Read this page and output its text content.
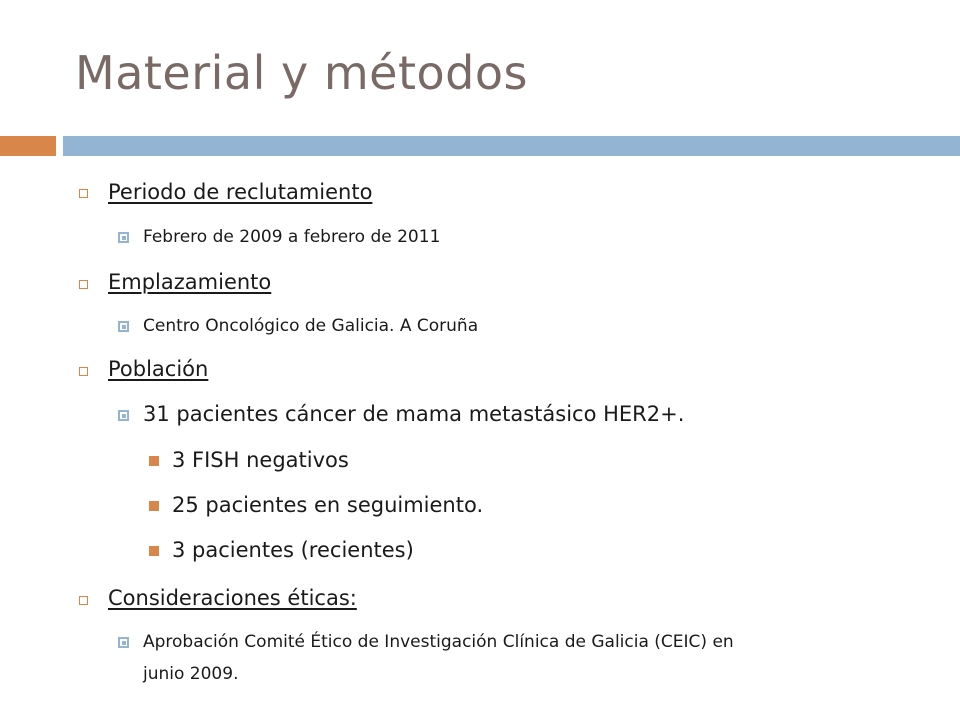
Material y métodos
Periodo de reclutamiento
Febrero de 2009 a febrero de 2011
Emplazamiento
Centro Oncológico de Galicia. A Coruña
Población
31 pacientes cáncer de mama metastásico HER2+.
3 FISH negativos
25 pacientes en seguimiento.
3 pacientes (recientes)
Consideraciones éticas:
Aprobación Comité Ético de Investigación Clínica de Galicia (CEIC) en
junio 2009.
